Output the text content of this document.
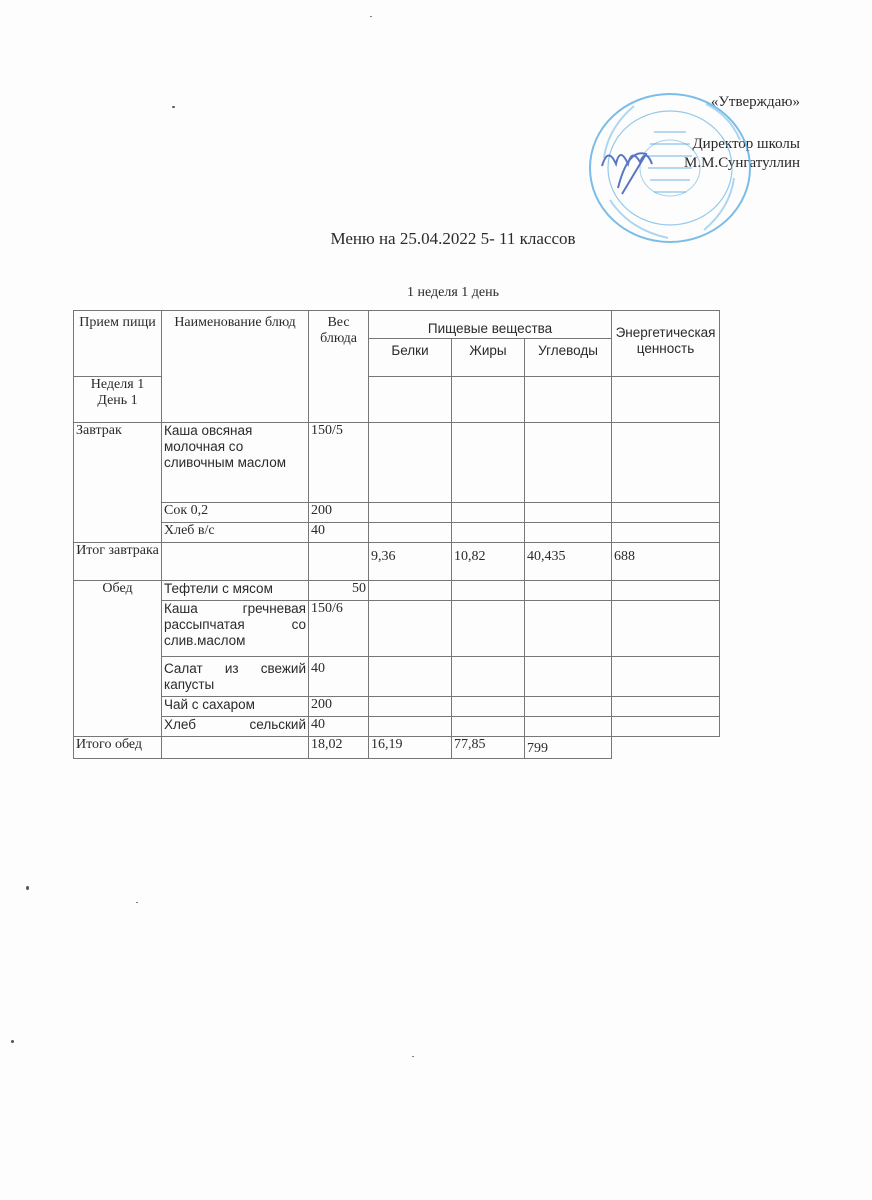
«Утверждаю»
Директор школы
М.М.Сунгатуллин
Меню на 25.04.2022 5- 11 классов
1 неделя 1 день
Прием пищи	Наименование блюд	Вес блюда	Пищевые вещества			Энергетическая ценность
			Белки	Жиры	Углеводы	
Неделя 1 День 1						
Завтрак	Каша овсяная молочная со сливочным маслом	150/5				
	Сок 0,2	200				
	Хлеб в/с	40				
Итог завтрака			9,36	10,82	40,435	688
Обед	Тефтели с мясом	50				
	Каша гречневая рассыпчатая со слив.маслом	150/6				
	Салат из свежий капусты	40				
	Чай с сахаром	200				
	Хлеб сельский	40				
Итого обед		18,02	16,19	77,85	799	
